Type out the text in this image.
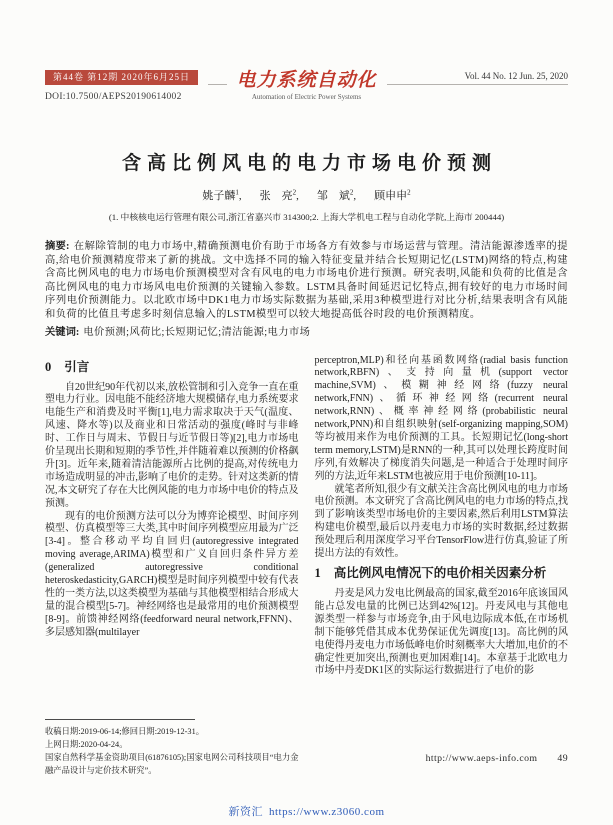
第44卷 第12期 2020年6月25日
DOI:10.7500/AEPS20190614002
电力系统自动化
Automation of Electric Power Systems
Vol. 44 No. 12 Jun. 25, 2020
含高比例风电的电力市场电价预测
姚子麟$^1$, 张　亮$^2$, 邹　斌$^2$, 顾申申$^2$
(1. 中核核电运行管理有限公司,浙江省嘉兴市 314300;2. 上海大学机电工程与自动化学院,上海市 200444)
摘要: 在解除管制的电力市场中,精确预测电价有助于市场各方有效参与市场运营与管理。清洁能源渗透率的提高,给电价预测精度带来了新的挑战。文中选择不同的输入特征变量并结合长短期记忆(LSTM)网络的特点,构建含高比例风电的电力市场电价预测模型对含有风电的电力市场电价进行预测。研究表明,风能和负荷的比值是含高比例风电的电力市场风电电价预测的关键输入参数。LSTM具备时间延迟记忆特点,拥有较好的电力市场时间序列电价预测能力。以北欧市场中DK1电力市场实际数据为基础,采用3种模型进行对比分析,结果表明含有风能和负荷的比值且考虑多时刻信息输入的LSTM模型可以较大地提高低谷时段的电价预测精度。
关键词: 电价预测;风荷比;长短期记忆;清洁能源;电力市场
0 引言

自20世纪90年代初以来,放松管制和引入竞争一直在重塑电力行业。因电能不能经济地大规模储存,电力系统要求电能生产和消费及时平衡[1],电力需求取决于天气(温度、风速、降水等)以及商业和日常活动的强度(峰时与非峰时、工作日与周末、节假日与近节假日等)[2],电力市场电价呈现出长期和短期的季节性,并伴随着难以预测的价格飙升[3]。近年来,随着清洁能源所占比例的提高,对传统电力市场造成明显的冲击,影响了电价的走势。针对这类新的情况,本文研究了存在大比例风能的电力市场中电价的特点及预测。

现有的电价预测方法可以分为博弈论模型、时间序列模型、仿真模型等三大类,其中时间序列模型应用最为广泛[3-4]。整合移动平均自回归(autoregressive integrated moving average,ARIMA)模型和广义自回归条件异方差(generalized autoregressive conditional heteroskedasticity,GARCH)模型是时间序列模型中较有代表性的一类方法,以这类模型为基础与其他模型相结合形成大量的混合模型[5-7]。神经网络也是最常用的电价预测模型[8-9]。前馈神经网络(feedforward neural network,FFNN)、多层感知器(multilayer

收稿日期:2019-06-14;修回日期:2019-12-31。
上网日期:2020-04-24。
国家自然科学基金资助项目(61876105);国家电网公司科技项目“电力金融产品设计与定价技术研究”。

perceptron,MLP)和径向基函数网络(radial basis function network,RBFN)、支持向量机(support vector machine,SVM)、模糊神经网络(fuzzy neural network,FNN)、循环神经网络(recurrent neural network,RNN)、概率神经网络(probabilistic neural network,PNN)和自组织映射(self-organizing mapping,SOM)等均被用来作为电价预测的工具。长短期记忆(long-short term memory,LSTM)是RNN的一种,其可以处理长跨度时间序列,有效解决了梯度消失问题,是一种适合于处理时间序列的方法,近年来LSTM也被应用于电价预测[10-11]。

就笔者所知,很少有文献关注含高比例风电的电力市场电价预测。本文研究了含高比例风电的电力市场的特点,找到了影响该类型市场电价的主要因素,然后利用LSTM算法构建电价模型,最后以丹麦电力市场的实时数据,经过数据预处理后利用深度学习平台TensorFlow进行仿真,验证了所提出方法的有效性。

1 高比例风电情况下的电价相关因素分析

丹麦是风力发电比例最高的国家,截至2016年底该国风能占总发电量的比例已达到42%[12]。丹麦风电与其他电源类型一样参与市场竞争,由于风电边际成本低,在市场机制下能够凭借其成本优势保证优先调度[13]。高比例的风电使得丹麦电力市场低峰电价时刻概率大大增加,电价的不确定性更加突出,预测也更加困难[14]。本章基于北欧电力市场中丹麦DK1区的实际运行数据进行了电价的影

http://www.aeps-info.com 49
新资汇 https://www.z3060.com
